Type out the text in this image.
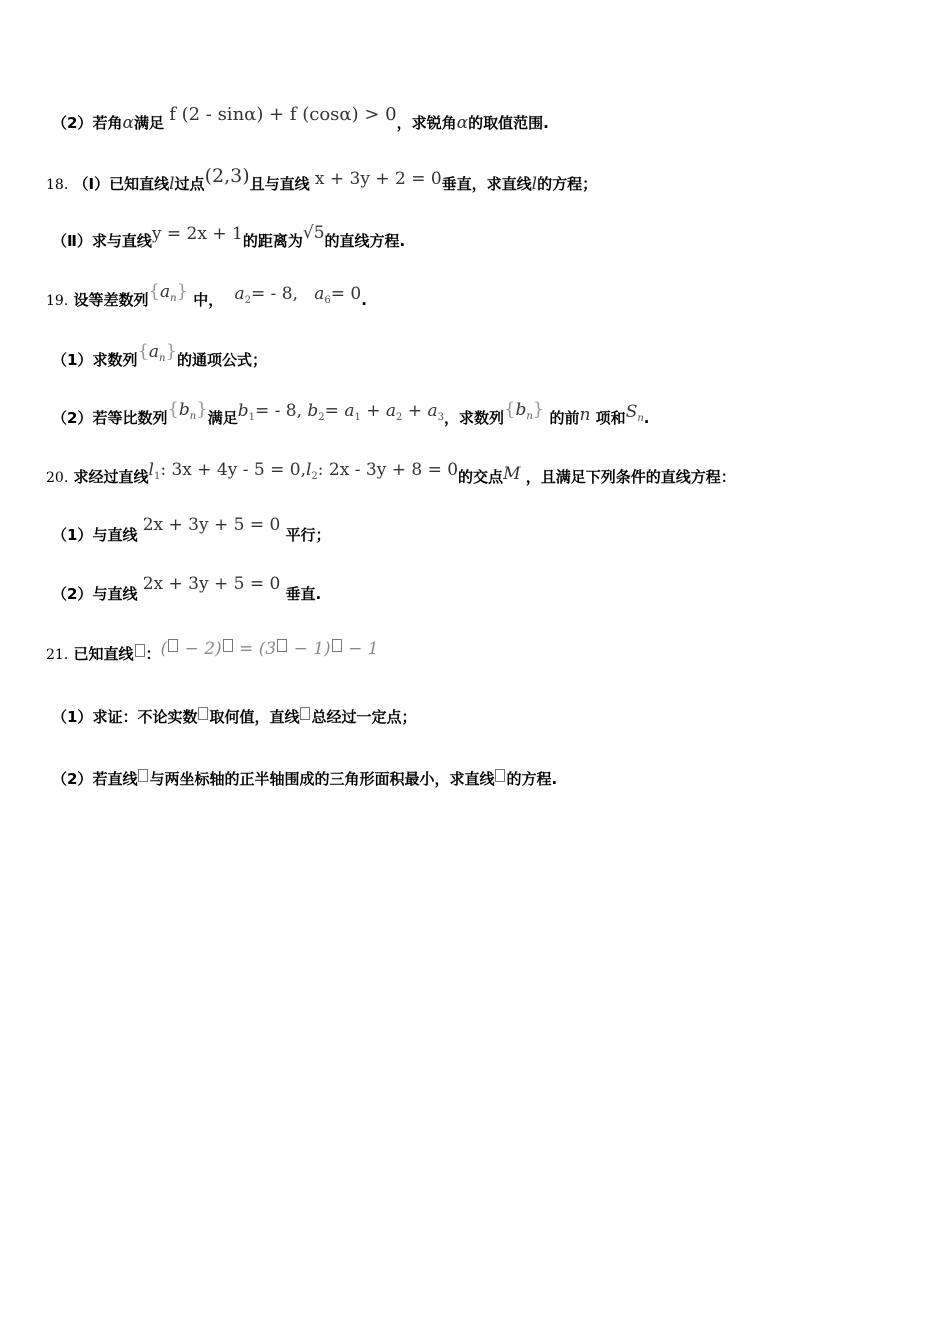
（2）若角α满足 f (2 - sinα) + f (cosα) > 0，求锐角α的取值范围.
18. （Ⅰ）已知直线l过点(2,3)且与直线 x + 3y + 2 = 0垂直，求直线l的方程；
（Ⅱ）求与直线y = 2x + 1的距离为√5的直线方程.
19. 设等差数列$\{a_n\}$ 中， $a_2= - 8$, $a_6= 0$.
（1）求数列$\{a_n\}$的通项公式；
（2）若等比数列$\{b_n\}$满足$b_1= - 8$, $b_2= a_1 + a_2 + a_3$，求数列$\{b_n\}$ 的前n 项和$S_n$.
20. 求经过直线$l_1$: $3x + 4y - 5 = 0,l_2$: 2x - 3y + 8 = 0的交点M ，且满足下列条件的直线方程：
（1）与直线 2x + 3y + 5 = 0 平行；
（2）与直线 2x + 3y + 5 = 0 垂直.
21. 已知直线 ：( − 2) = (3 − 1) − 1
（1）求证：不论实数 取何值，直线 总经过一定点；
（2）若直线 与两坐标轴的正半轴围成的三角形面积最小，求直线 的方程.
